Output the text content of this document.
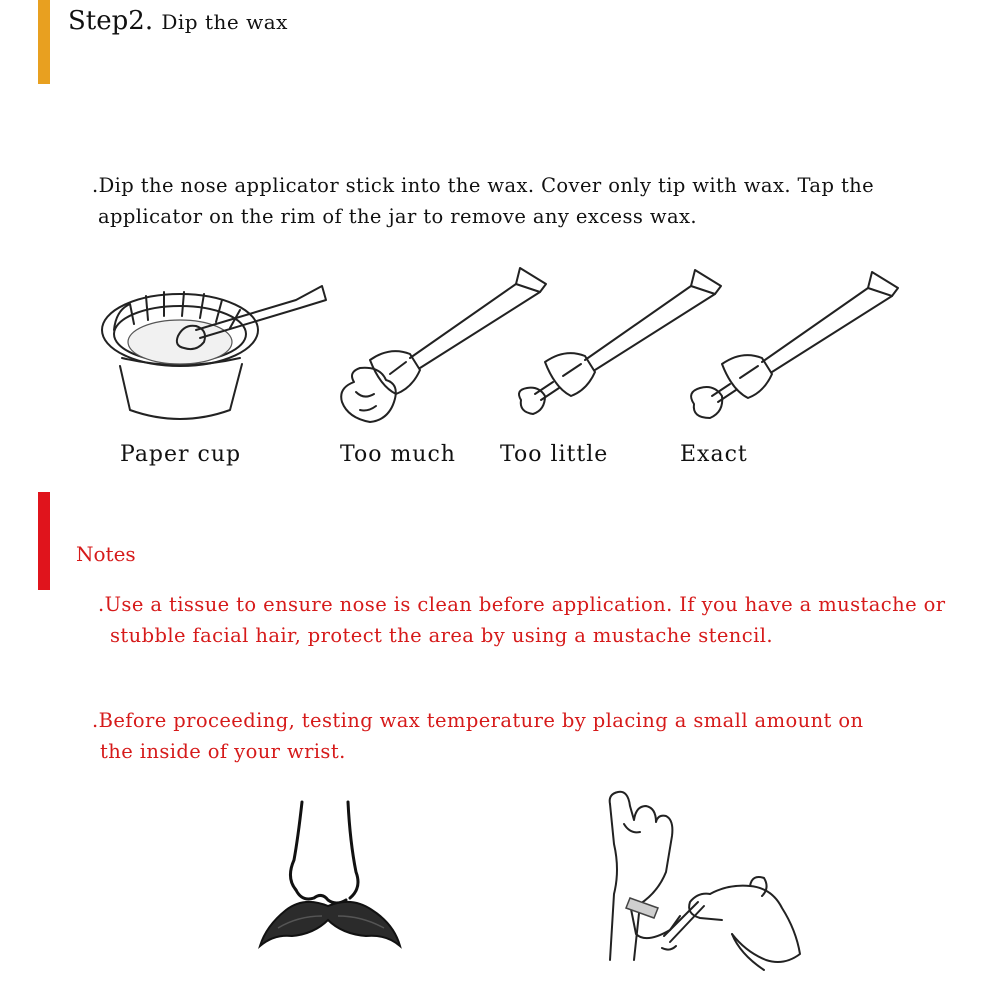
Step2. Dip the wax
.Dip the nose applicator stick into the wax. Cover only tip with wax. Tap the
applicator on the rim of the jar to remove any excess wax.
Paper cup	Too much Too little	Exact
Notes
.Use a tissue to ensure nose is clean before application. If you have a mustache or
stubble facial hair, protect the area by using a mustache stencil.
.Before proceeding, testing wax temperature by placing a small amount on
the inside of your wrist.
